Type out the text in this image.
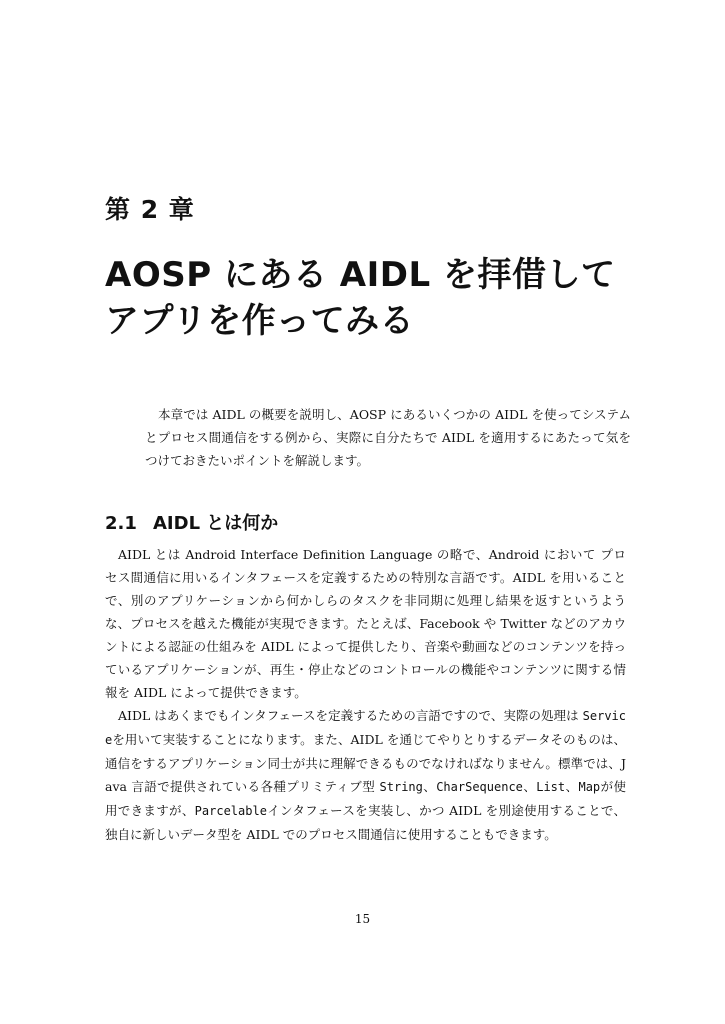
第 2 章
AOSP にある AIDL を拝借してアプリを作ってみる

本章では AIDL の概要を説明し、AOSP にあるいくつかの AIDL を使ってシステムとプロセス間通信をする例から、実際に自分たちで AIDL を適用するにあたって気をつけておきたいポイントを解説します。

2.1 AIDL とは何か

AIDL とは Android Interface Definition Language の略で、Android において プロセス間通信に用いるインタフェースを定義するための特別な言語です。AIDL を用いることで、別のアプリケーションから何かしらのタスクを非同期に処理し結果を返すというような、プロセスを越えた機能が実現できます。たとえば、Facebook や Twitter などのアカウントによる認証の仕組みを AIDL によって提供したり、音楽や動画などのコンテンツを持っているアプリケーションが、再生・停止などのコントロールの機能やコンテンツに関する情報を AIDL によって提供できます。

AIDL はあくまでもインタフェースを定義するための言語ですので、実際の処理は Serviceを用いて実装することになります。また、AIDL を通じてやりとりするデータそのものは、通信をするアプリケーション同士が共に理解できるものでなければなりません。標準では、Java 言語で提供されている各種プリミティブ型 String、CharSequence、List、Mapが使用できますが、Parcelableインタフェースを実装し、かつ AIDL を別途使用することで、独自に新しいデータ型を AIDL でのプロセス間通信に使用することもできます。

15
